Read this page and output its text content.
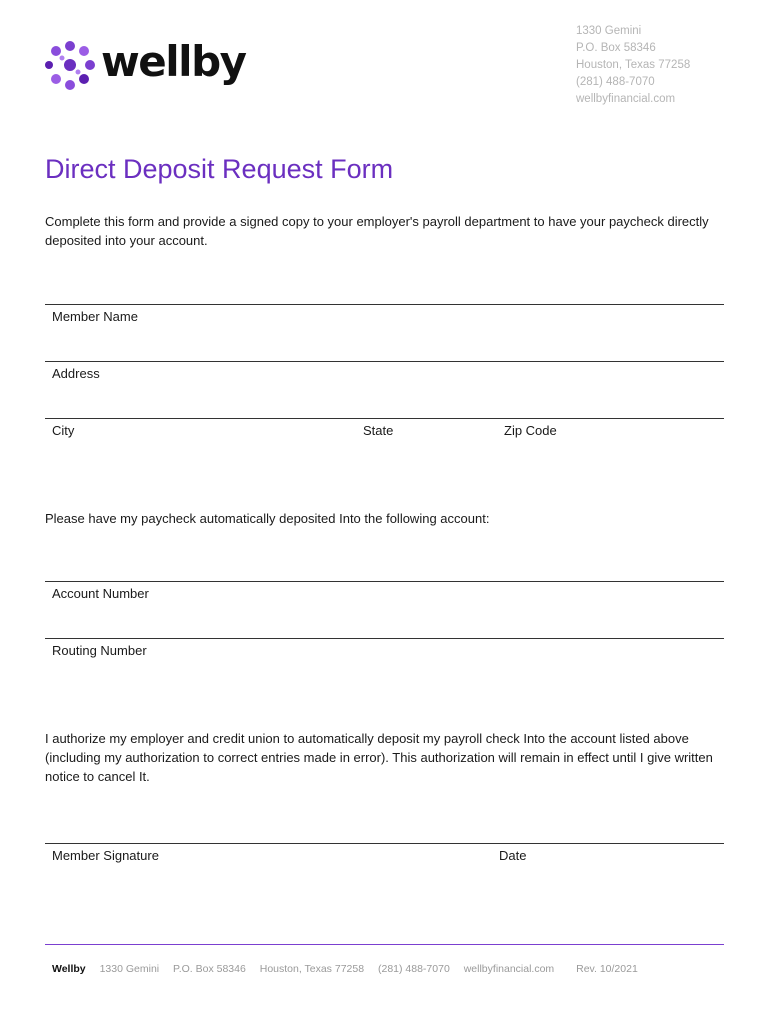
wellby
1330 Gemini
P.O. Box 58346
Houston, Texas 77258
(281) 488-7070
wellbyfinancial.com
Direct Deposit Request Form
Complete this form and provide a signed copy to your employer's payroll department to have your paycheck directly deposited into your account.
Member Name
Address
City	State	Zip Code
Please have my paycheck automatically deposited Into the following account:
Account Number
Routing Number
I authorize my employer and credit union to automatically deposit my payroll check Into the account listed above (including my authorization to correct entries made in error). This authorization will remain in effect until I give written notice to cancel It.
Member Signature	Date
Wellby 1330 Gemini P.O. Box 58346 Houston, Texas 77258 (281) 488-7070 wellbyfinancial.com Rev. 10/2021
